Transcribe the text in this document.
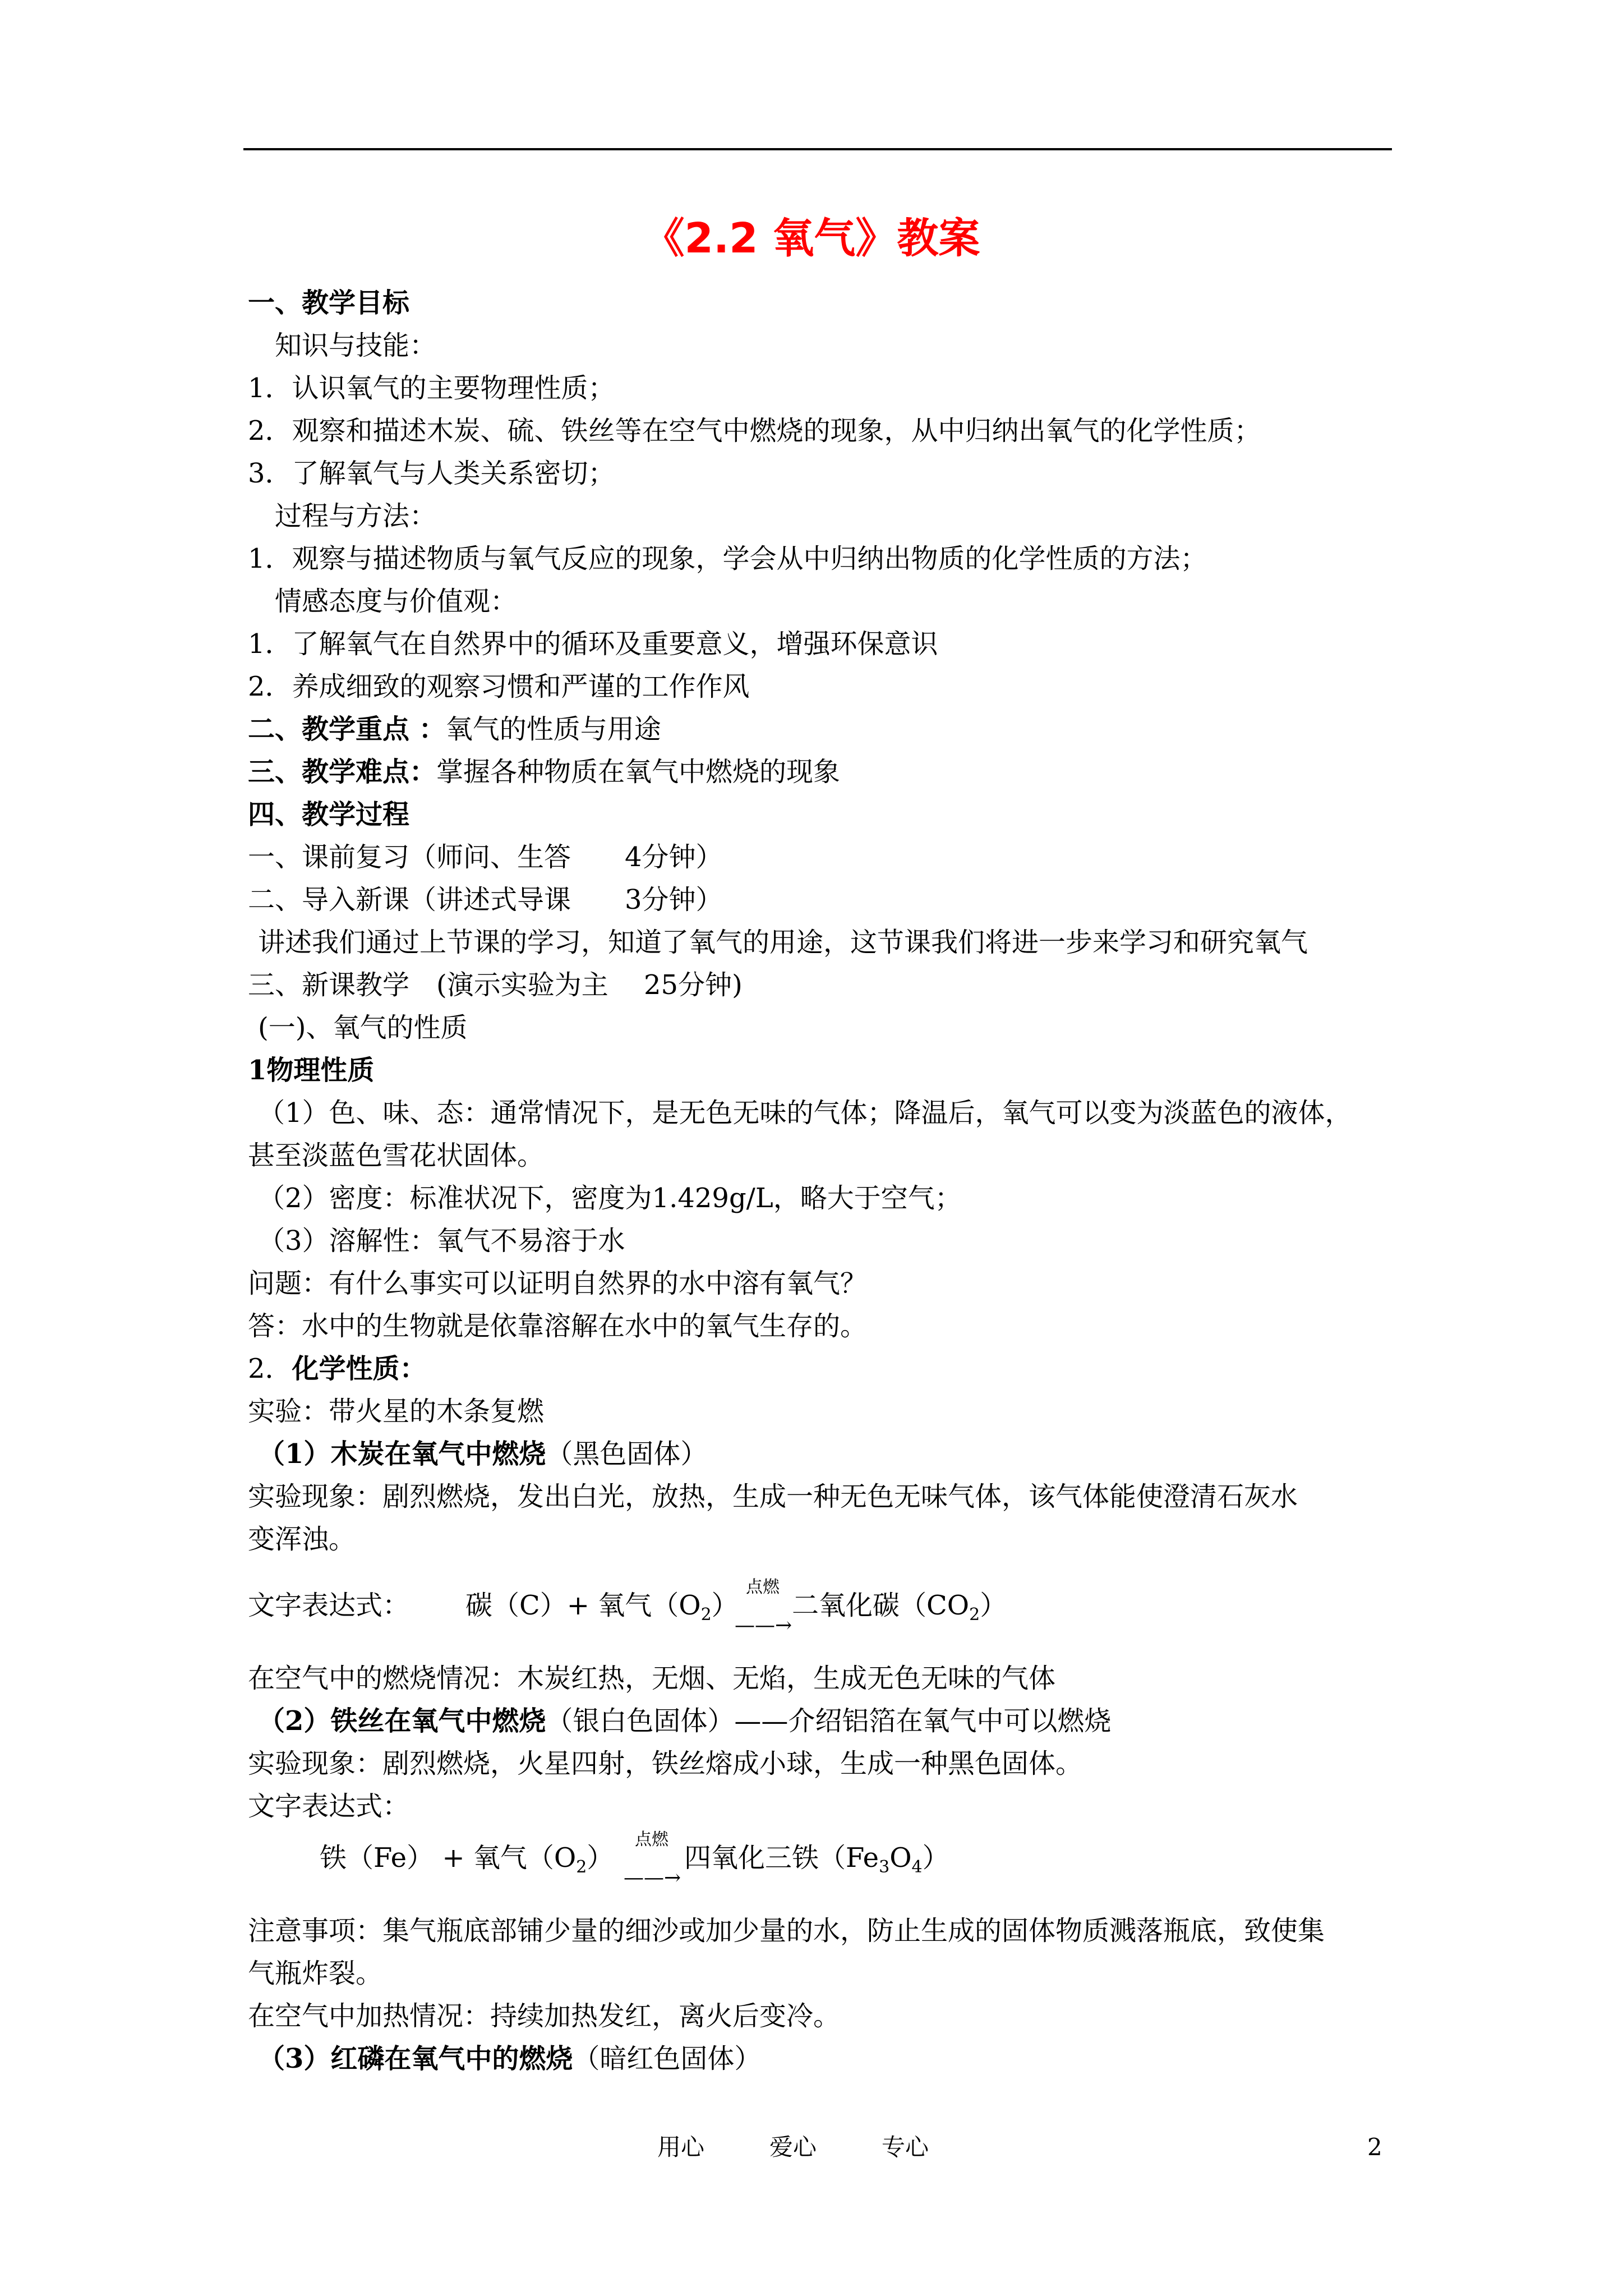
《2.2 氧气》教案
一、教学目标
知识与技能：
1．认识氧气的主要物理性质；
2．观察和描述木炭、硫、铁丝等在空气中燃烧的现象，从中归纳出氧气的化学性质；
3．了解氧气与人类关系密切；
过程与方法：
1．观察与描述物质与氧气反应的现象，学会从中归纳出物质的化学性质的方法；
情感态度与价值观：
1．了解氧气在自然界中的循环及重要意义，增强环保意识
2．养成细致的观察习惯和严谨的工作作风
二、教学重点 ：氧气的性质与用途
三、教学难点：掌握各种物质在氧气中燃烧的现象
四、教学过程
一、课前复习（师问、生答　　4分钟）
二、导入新课（讲述式导课　　3分钟）
讲述我们通过上节课的学习，知道了氧气的用途，这节课我们将进一步来学习和研究氧气
三、新课教学　(演示实验为主　 25分钟)
(一)、氧气的性质
1物理性质
（1）色、味、态：通常情况下，是无色无味的气体；降温后，氧气可以变为淡蓝色的液体，
甚至淡蓝色雪花状固体。
（2）密度：标准状况下，密度为1.429g/L，略大于空气；
（3）溶解性：氧气不易溶于水
问题：有什么事实可以证明自然界的水中溶有氧气？
答：水中的生物就是依靠溶解在水中的氧气生存的。
2．化学性质：
实验：带火星的木条复燃
（1）木炭在氧气中燃烧（黑色固体）
实验现象：剧烈燃烧，发出白光，放热，生成一种无色无味气体，该气体能使澄清石灰水
变浑浊。
文字表达式： 碳（C）+ 氧气$(O_2)$
点燃
——→
二氧化碳$(CO_2)$
在空气中的燃烧情况：木炭红热，无烟、无焰，生成无色无味的气体
（2）铁丝在氧气中燃烧（银白色固体）——介绍铝箔在氧气中可以燃烧
实验现象：剧烈燃烧，火星四射，铁丝熔成小球，生成一种黑色固体。
文字表达式：
铁（Fe） + 氧气$(O_2)$
点燃
——→
四氧化三铁$(Fe_3O_4)$
注意事项：集气瓶底部铺少量的细沙或加少量的水，防止生成的固体物质溅落瓶底，致使集
气瓶炸裂。
在空气中加热情况：持续加热发红，离火后变冷。
（3）红磷在氧气中的燃烧（暗红色固体）
用心	爱心	专心	2
